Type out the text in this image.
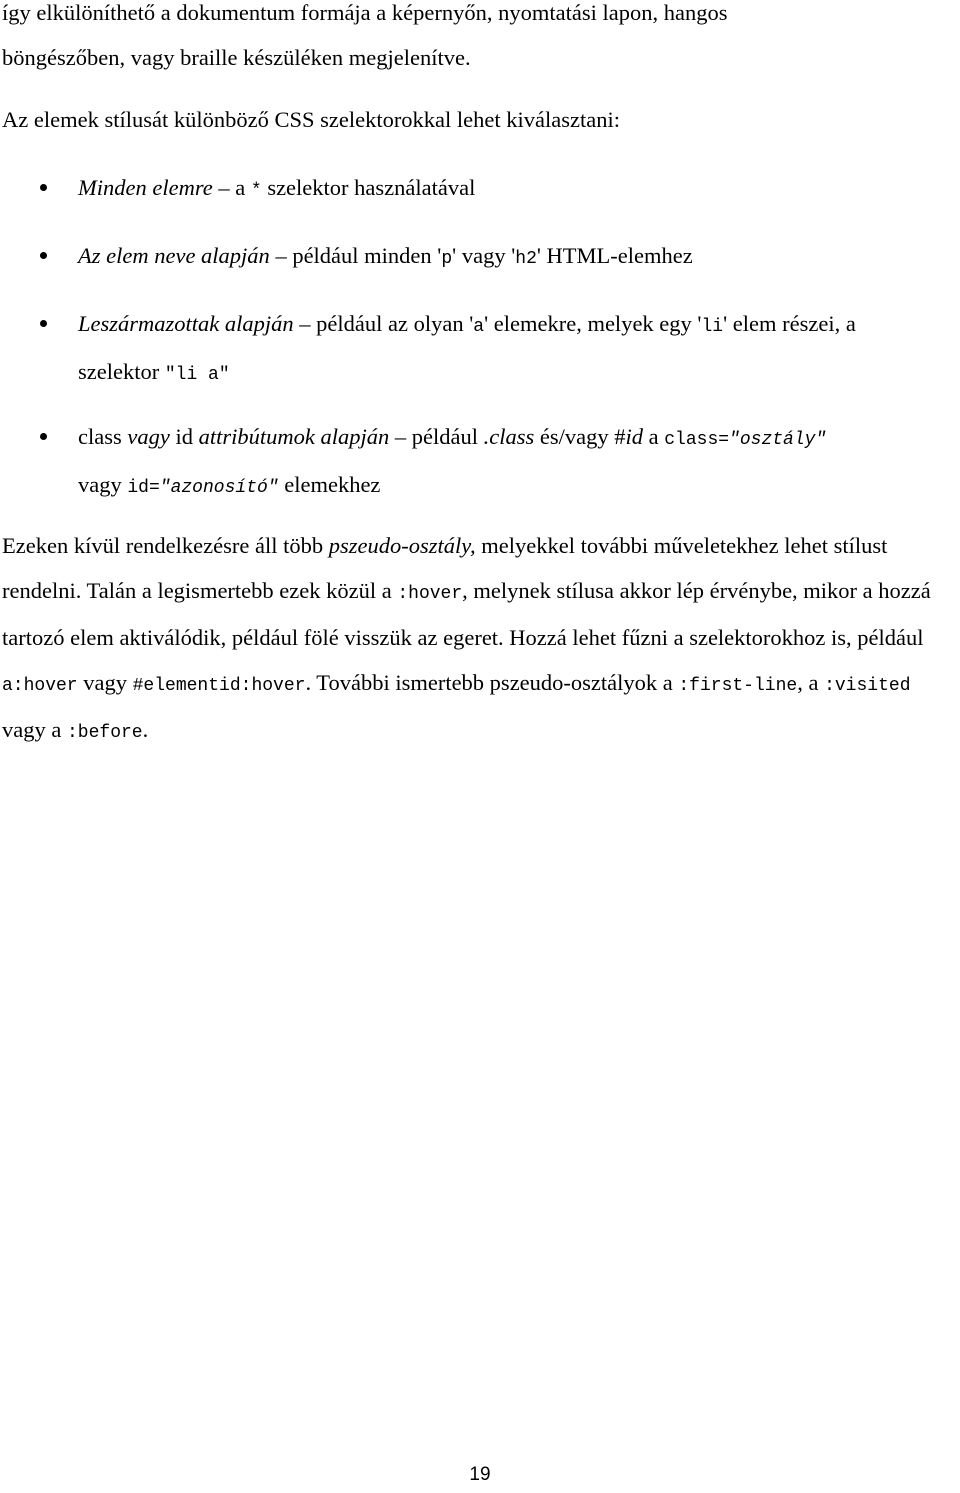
így elkülöníthető a dokumentum formája a képernyőn, nyomtatási lapon, hangos
böngészőben, vagy braille készüléken megjelenítve.

Az elemek stílusát különböző CSS szelektorokkal lehet kiválasztani:

Minden elemre – a * szelektor használatával
Az elem neve alapján – például minden 'p' vagy 'h2' HTML-elemhez
Leszármazottak alapján – például az olyan 'a' elemekre, melyek egy 'li' elem részei, a
szelektor "li a"
class vagy id attribútumok alapján – például .class és/vagy #id a class="osztály"
vagy id="azonosító" elemekhez

Ezeken kívül rendelkezésre áll több pszeudo-osztály, melyekkel további műveletekhez lehet stílust rendelni. Talán a legismertebb ezek közül a :hover, melynek stílusa akkor lép érvénybe, mikor a hozzá tartozó elem aktiválódik, például fölé visszük az egeret. Hozzá lehet fűzni a szelektorokhoz is, például a:hover vagy #elementid:hover. További ismertebb pszeudo-osztályok a :first-line, a :visited vagy a :before.

19
